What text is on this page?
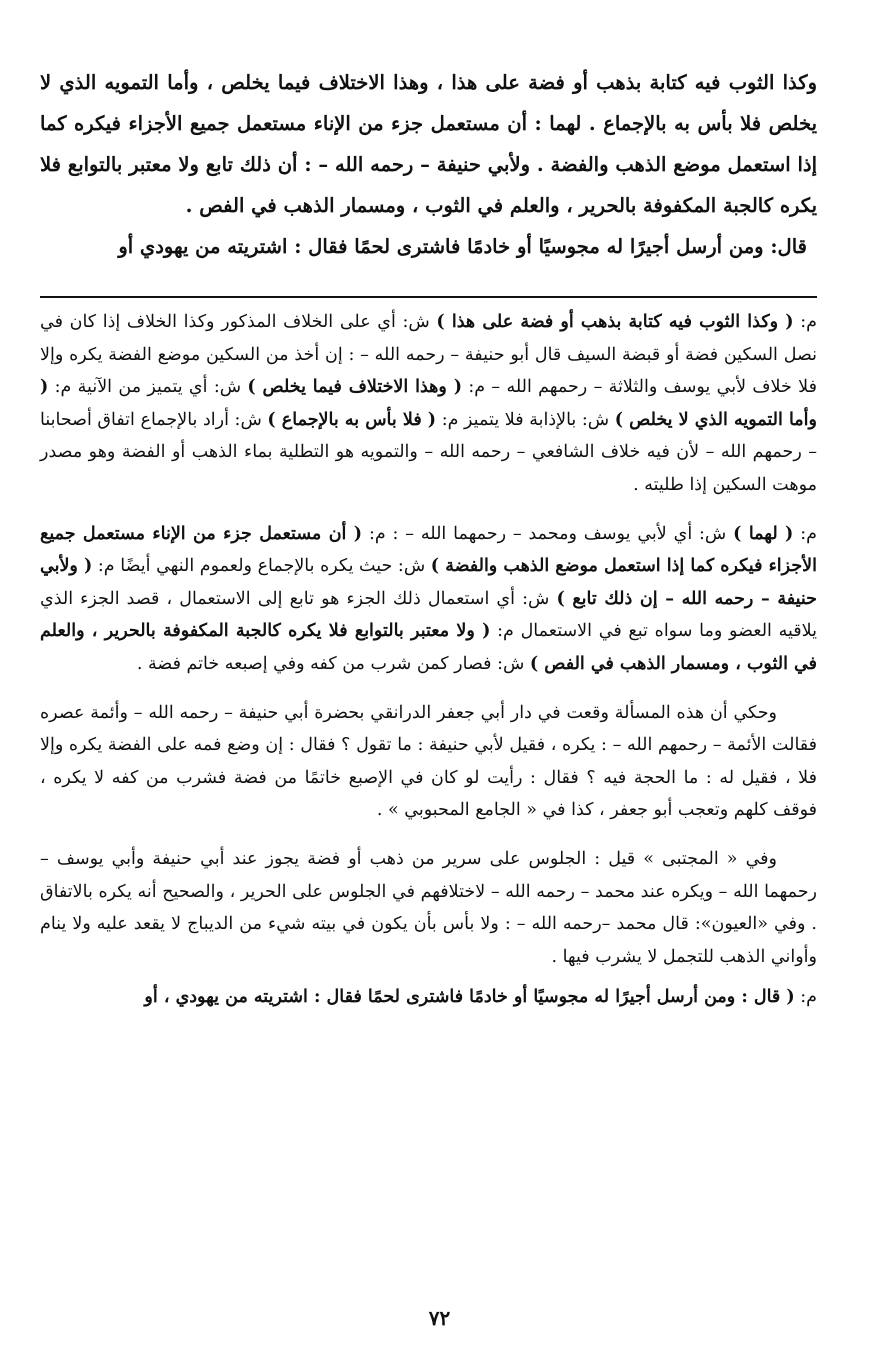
وكذا الثوب فيه كتابة بذهب أو فضة على هذا ، وهذا الاختلاف فيما يخلص ، وأما التمويه الذي لا يخلص فلا بأس به بالإجماع . لهما : أن مستعمل جزء من الإناء مستعمل جميع الأجزاء فيكره كما إذا استعمل موضع الذهب والفضة . ولأبي حنيفة – رحمه الله – : أن ذلك تابع ولا معتبر بالتوابع فلا يكره كالجبة المكفوفة بالحرير ، والعلم في الثوب ، ومسمار الذهب في الفص .

قال: ومن أرسل أجيرًا له مجوسيًا أو خادمًا فاشترى لحمًا فقال : اشتريته من يهودي أو

م: ( وكذا الثوب فيه كتابة بذهب أو فضة على هذا ) ش: أي على الخلاف المذكور وكذا الخلاف إذا كان في نصل السكين فضة أو قبضة السيف قال أبو حنيفة – رحمه الله – : إن أخذ من السكين موضع الفضة يكره وإلا فلا خلاف لأبي يوسف والثلاثة – رحمهم الله – م: ( وهذا الاختلاف فيما يخلص ) ش: أي يتميز من الآنية م: ( وأما التمويه الذي لا يخلص ) ش: بالإذابة فلا يتميز م: ( فلا بأس به بالإجماع ) ش: أراد بالإجماع اتفاق أصحابنا – رحمهم الله – لأن فيه خلاف الشافعي – رحمه الله – والتمويه هو التطلية بماء الذهب أو الفضة وهو مصدر موهت السكين إذا طليته .

م: ( لهما ) ش: أي لأبي يوسف ومحمد – رحمهما الله – : م: ( أن مستعمل جزء من الإناء مستعمل جميع الأجزاء فيكره كما إذا استعمل موضع الذهب والفضة ) ش: حيث يكره بالإجماع ولعموم النهي أيضًا م: ( ولأبي حنيفة – رحمه الله – إن ذلك تابع ) ش: أي استعمال ذلك الجزء هو تابع إلى الاستعمال ، قصد الجزء الذي يلاقيه العضو وما سواه تبع في الاستعمال م: ( ولا معتبر بالتوابع فلا يكره كالجبة المكفوفة بالحرير ، والعلم في الثوب ، ومسمار الذهب في الفص ) ش: فصار كمن شرب من كفه وفي إصبعه خاتم فضة .

وحكي أن هذه المسألة وقعت في دار أبي جعفر الدرانقي بحضرة أبي حنيفة – رحمه الله – وأئمة عصره فقالت الأئمة – رحمهم الله – : يكره ، فقيل لأبي حنيفة : ما تقول ؟ فقال : إن وضع فمه على الفضة يكره وإلا فلا ، فقيل له : ما الحجة فيه ؟ فقال : رأيت لو كان في الإصبع خاتمًا من فضة فشرب من كفه لا يكره ، فوقف كلهم وتعجب أبو جعفر ، كذا في « الجامع المحبوبي » .

وفي « المجتبى » قيل : الجلوس على سرير من ذهب أو فضة يجوز عند أبي حنيفة وأبي يوسف – رحمهما الله – ويكره عند محمد – رحمه الله – لاختلافهم في الجلوس على الحرير ، والصحيح أنه يكره بالاتفاق . وفي «العيون»: قال محمد –رحمه الله – : ولا بأس بأن يكون في بيته شيء من الديباج لا يقعد عليه ولا ينام وأواني الذهب للتجمل لا يشرب فيها .

م: ( قال : ومن أرسل أجيرًا له مجوسيًا أو خادمًا فاشترى لحمًا فقال : اشتريته من يهودي ، أو

٧٢
